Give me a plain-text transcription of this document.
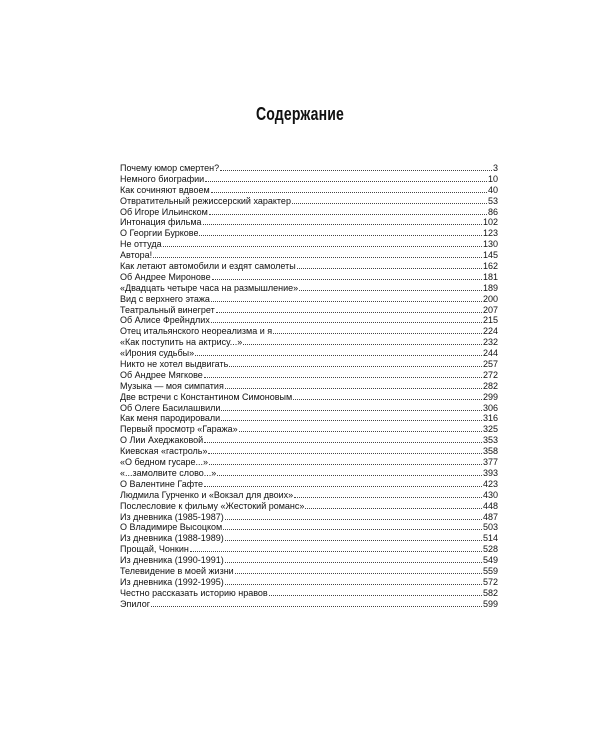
Содержание
Почему юмор смертен?	3
Немного биографии	10
Как сочиняют вдвоем	40
Отвратительный режиссерский характер	53
Об Игоре Ильинском	86
Интонация фильма	102
О Георгии Буркове	123
Не оттуда	130
Автора!	145
Как летают автомобили и ездят самолеты	162
Об Андрее Миронове	181
«Двадцать четыре часа на размышление»	189
Вид с верхнего этажа	200
Театральный винегрет	207
Об Алисе Фрейндлих	215
Отец итальянского неореализма и я	224
«Как поступить на актрису...»	232
«Ирония судьбы»	244
Никто не хотел выдвигать	257
Об Андрее Мягкове	272
Музыка — моя симпатия	282
Две встречи с Константином Симоновым	299
Об Олеге Басилашвили	306
Как меня пародировали	316
Первый просмотр «Гаража»	325
О Лии Ахеджаковой	353
Киевская «гастроль»	358
«О бедном гусаре...»	377
«...замолвите слово...»	393
О Валентине Гафте	423
Людмила Гурченко и «Вокзал для двоих»	430
Послесловие к фильму «Жестокий романс»	448
Из дневника (1985-1987)	487
О Владимире Высоцком	503
Из дневника (1988-1989)	514
Прощай, Чонкин	528
Из дневника (1990-1991)	549
Телевидение в моей жизни	559
Из дневника (1992-1995)	572
Честно рассказать историю нравов	582
Эпилог	599
